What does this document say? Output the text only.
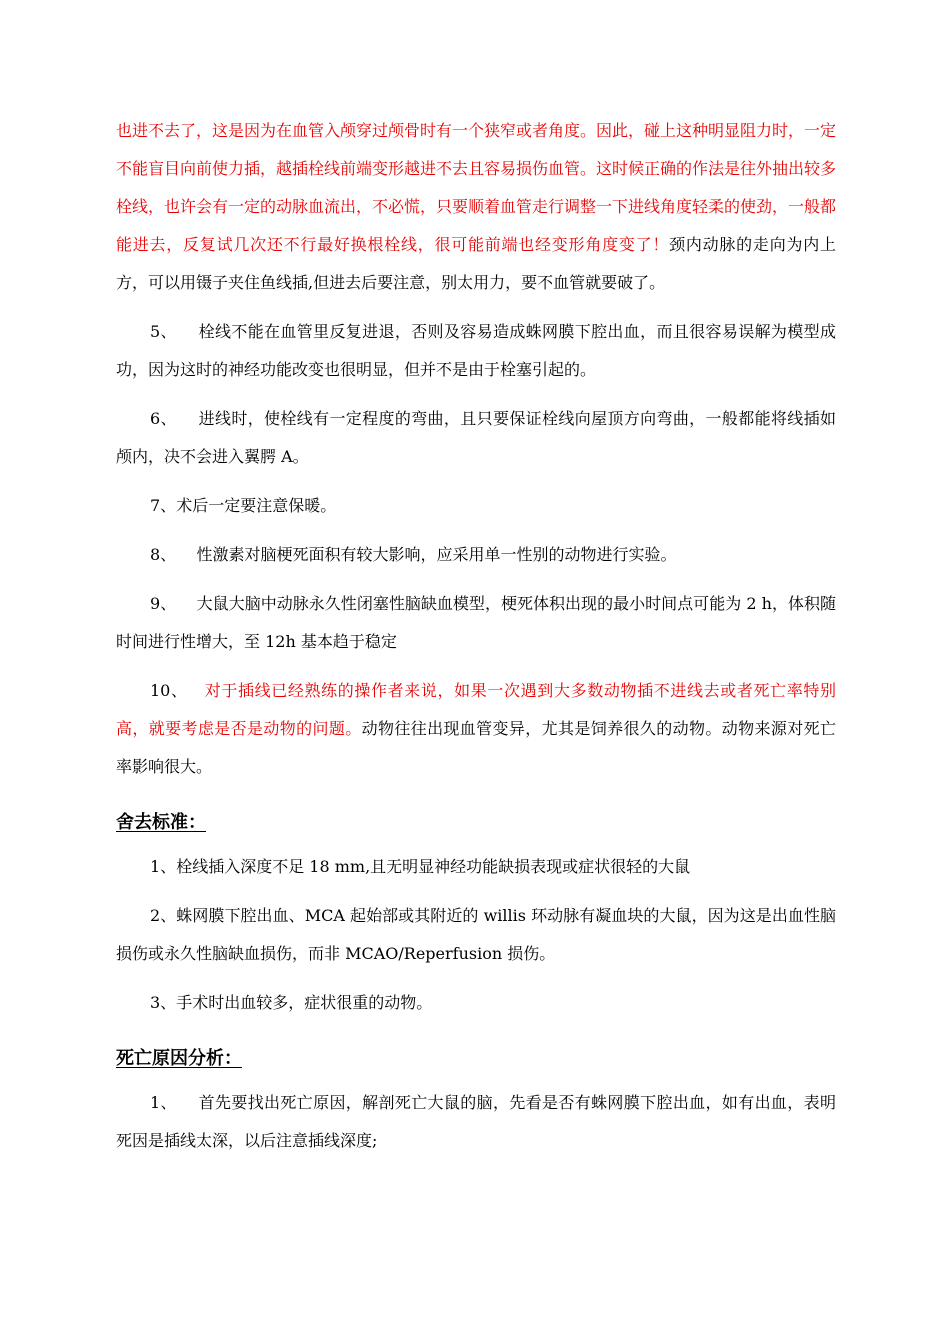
也进不去了，这是因为在血管入颅穿过颅骨时有一个狭窄或者角度。因此，碰上这种明显阻力时，一定不能盲目向前使力插，越插栓线前端变形越进不去且容易损伤血管。这时候正确的作法是往外抽出较多栓线，也许会有一定的动脉血流出，不必慌，只要顺着血管走行调整一下进线角度轻柔的使劲，一般都能进去，反复试几次还不行最好换根栓线，很可能前端也经变形角度变了！颈内动脉的走向为内上方，可以用镊子夹住鱼线插,但进去后要注意，别太用力，要不血管就要破了。

5、 栓线不能在血管里反复进退，否则及容易造成蛛网膜下腔出血，而且很容易误解为模型成功，因为这时的神经功能改变也很明显，但并不是由于栓塞引起的。

6、 进线时，使栓线有一定程度的弯曲，且只要保证栓线向屋顶方向弯曲，一般都能将线插如颅内，决不会进入翼腭 A。

7、术后一定要注意保暖。

8、 性激素对脑梗死面积有较大影响，应采用单一性别的动物进行实验。

9、 大鼠大脑中动脉永久性闭塞性脑缺血模型，梗死体积出现的最小时间点可能为 2 h，体积随时间进行性增大，至 12h 基本趋于稳定

10、 对于插线已经熟练的操作者来说，如果一次遇到大多数动物插不进线去或者死亡率特别高，就要考虑是否是动物的问题。动物往往出现血管变异，尤其是饲养很久的动物。动物来源对死亡率影响很大。

舍去标准：

1、栓线插入深度不足 18 mm,且无明显神经功能缺损表现或症状很轻的大鼠

2、蛛网膜下腔出血、MCA 起始部或其附近的 willis 环动脉有凝血块的大鼠，因为这是出血性脑损伤或永久性脑缺血损伤，而非 MCAO/Reperfusion 损伤。

3、手术时出血较多，症状很重的动物。

死亡原因分析：

1、 首先要找出死亡原因，解剖死亡大鼠的脑，先看是否有蛛网膜下腔出血，如有出血，表明死因是插线太深，以后注意插线深度;
